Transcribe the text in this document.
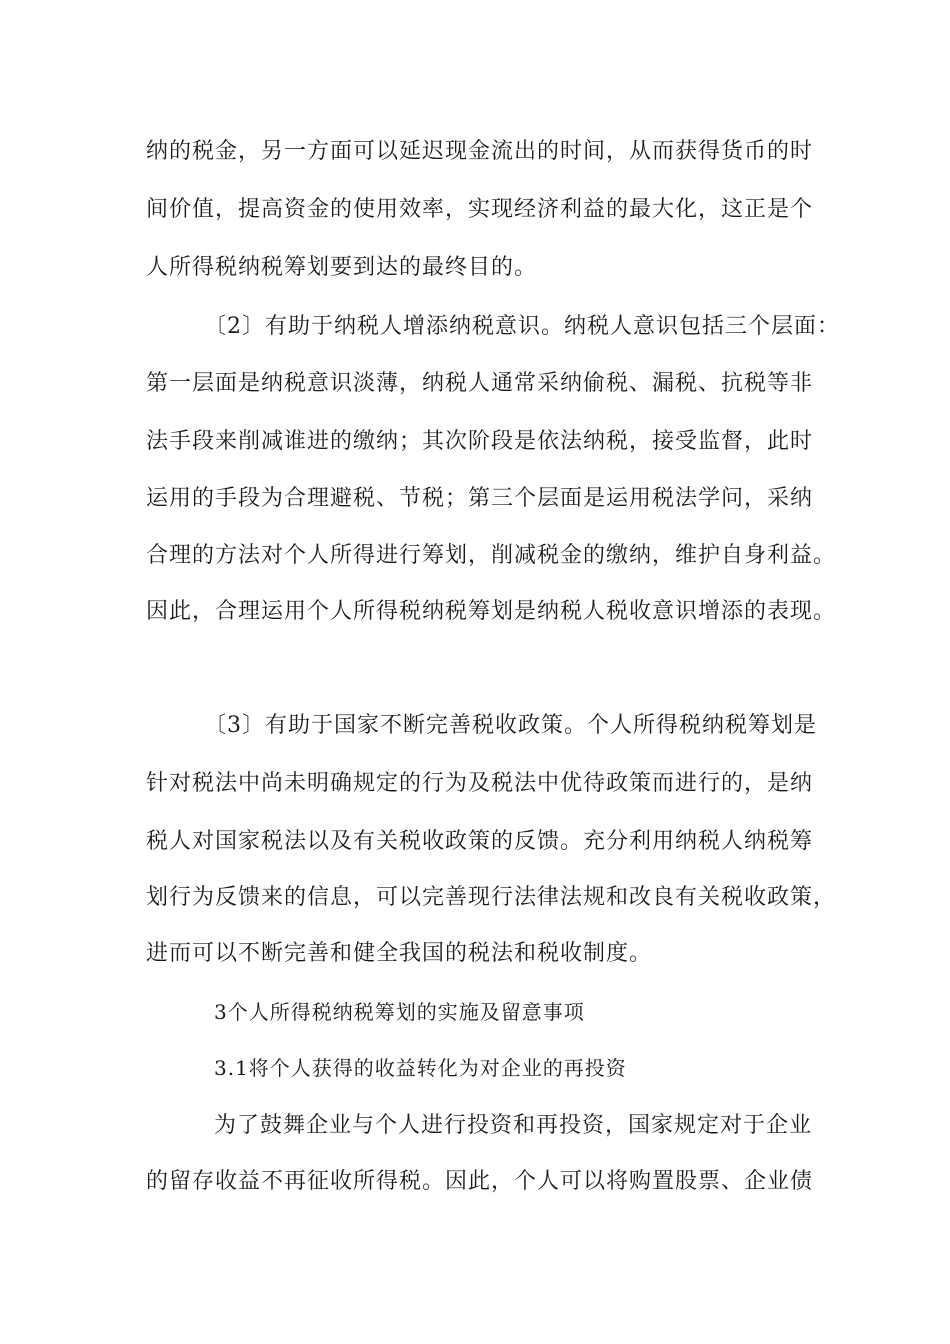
纳的税金，另一方面可以延迟现金流出的时间，从而获得货币的时
间价值，提高资金的使用效率，实现经济利益的最大化，这正是个
人所得税纳税筹划要到达的最终目的。
〔2〕有助于纳税人增添纳税意识。纳税人意识包括三个层面：
第一层面是纳税意识淡薄，纳税人通常采纳偷税、漏税、抗税等非
法手段来削减谁进的缴纳；其次阶段是依法纳税，接受监督，此时
运用的手段为合理避税、节税；第三个层面是运用税法学问，采纳
合理的方法对个人所得进行筹划，削减税金的缴纳，维护自身利益。
因此，合理运用个人所得税纳税筹划是纳税人税收意识增添的表现。
〔3〕有助于国家不断完善税收政策。个人所得税纳税筹划是
针对税法中尚未明确规定的行为及税法中优待政策而进行的，是纳
税人对国家税法以及有关税收政策的反馈。充分利用纳税人纳税筹
划行为反馈来的信息，可以完善现行法律法规和改良有关税收政策，
进而可以不断完善和健全我国的税法和税收制度。
3个人所得税纳税筹划的实施及留意事项
3.1将个人获得的收益转化为对企业的再投资
为了鼓舞企业与个人进行投资和再投资，国家规定对于企业
的留存收益不再征收所得税。因此，个人可以将购置股票、企业债
